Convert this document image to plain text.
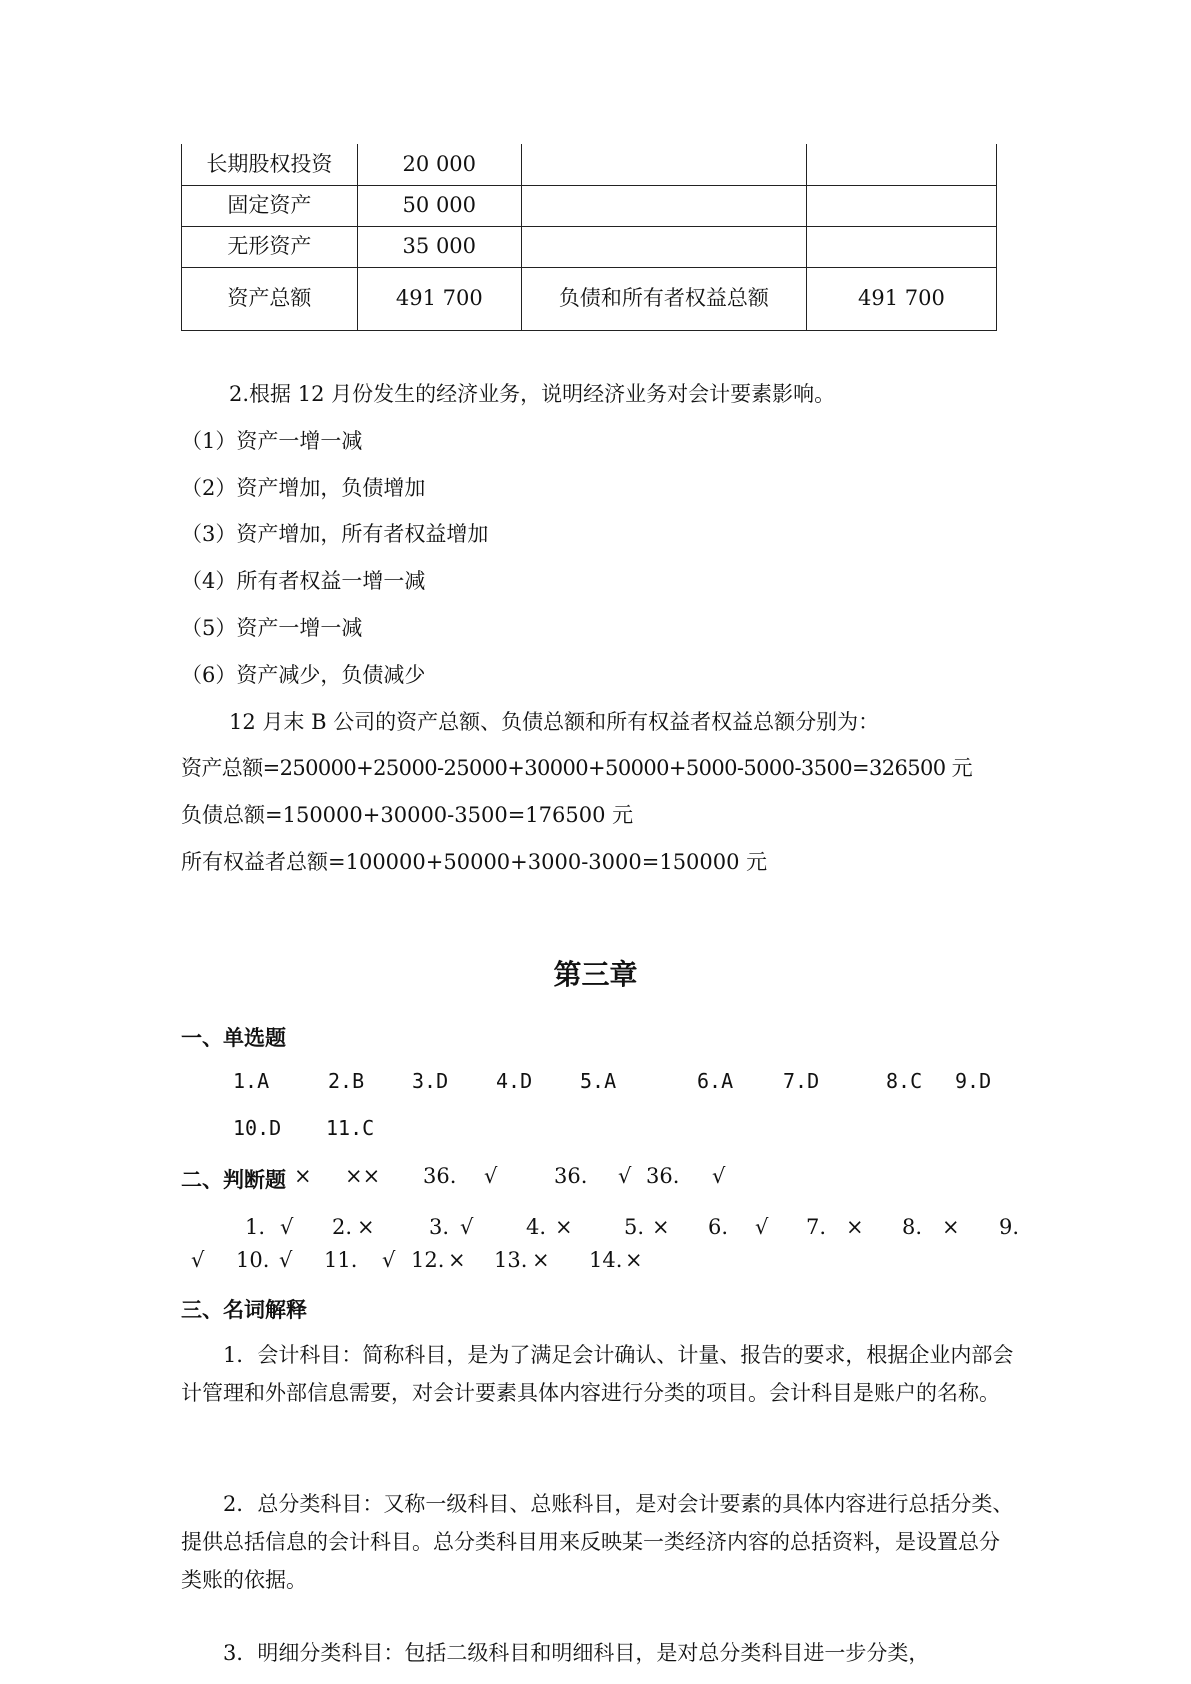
长期股权投资	20 000		
固定资产	50 000		
无形资产	35 000		
资产总额	491 700	负债和所有者权益总额	491 700
2.根据 12 月份发生的经济业务，说明经济业务对会计要素影响。
（1）资产一增一减
（2）资产增加，负债增加
（3）资产增加，所有者权益增加
（4）所有者权益一增一减
（5）资产一增一减
（6）资产减少，负债减少
12 月末 B 公司的资产总额、负债总额和所有权益者权益总额分别为：
资产总额=250000+25000-25000+30000+50000+5000-5000-3500=326500 元
负债总额=150000+30000-3500=176500 元
所有权益者总额=100000+50000+3000-3000=150000 元
第三章
一、单选题
1.A	2.B 3.D 4.D 5.A	6.A 7.D	8.C 9.D
10.D 11.C
二、判断题 × ×× 36. √	36. √ 36. √
1. √ 2. ×	3. √	4. × 5. × 6. √ 7. × 8. × 9.
√ 10. √ 11. √ 12. × 13. × 14. ×
三、名词解释

1．会计科目：简称科目，是为了满足会计确认、计量、报告的要求，根据企业内部会计管理和外部信息需要，对会计要素具体内容进行分类的项目。会计科目是账户的名称。

2．总分类科目：又称一级科目、总账科目，是对会计要素的具体内容进行总括分类、提供总括信息的会计科目。总分类科目用来反映某一类经济内容的总括资料，是设置总分类账的依据。

3．明细分类科目：包括二级科目和明细科目，是对总分类科目进一步分类，
